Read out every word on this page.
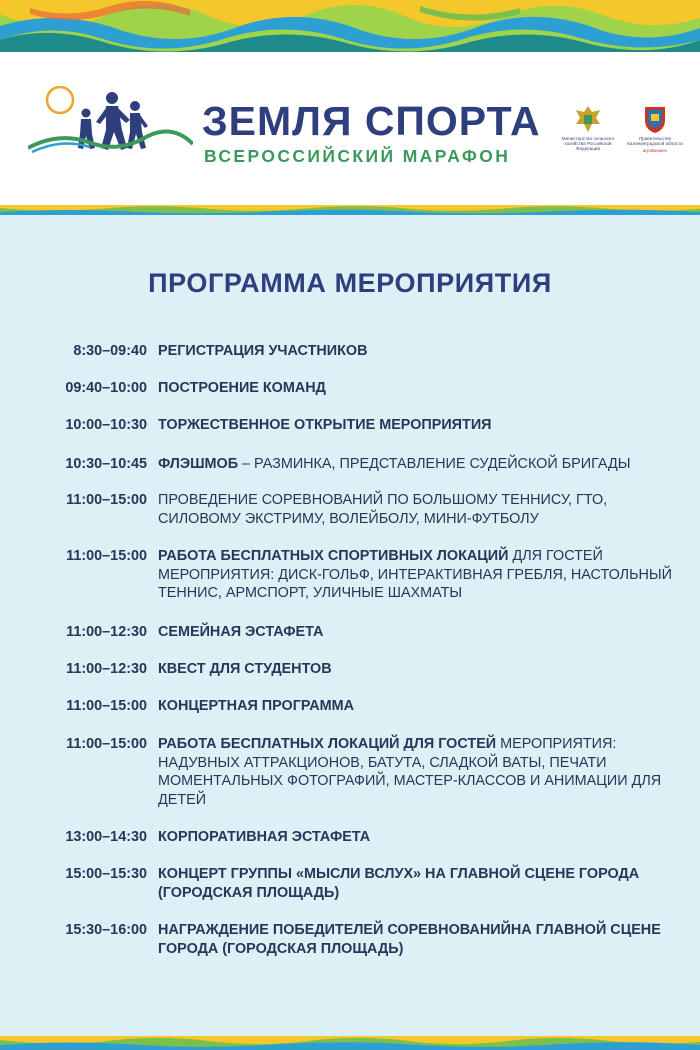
ЗЕМЛЯ СПОРТА
ВСЕРОССИЙСКИЙ МАРАФОН
Министерство сельского хозяйства Российской Федерации
Правительство Калининградской области
агроБизнес
ПРОГРАММА МЕРОПРИЯТИЯ
8:30–09:40 РЕГИСТРАЦИЯ УЧАСТНИКОВ
09:40–10:00 ПОСТРОЕНИЕ КОМАНД
10:00–10:30 ТОРЖЕСТВЕННОЕ ОТКРЫТИЕ МЕРОПРИЯТИЯ
10:30–10:45 ФЛЭШМОБ – РАЗМИНКА, ПРЕДСТАВЛЕНИЕ СУДЕЙСКОЙ БРИГАДЫ
11:00–15:00 ПРОВЕДЕНИЕ СОРЕВНОВАНИЙ ПО БОЛЬШОМУ ТЕННИСУ, ГТО, СИЛОВОМУ ЭКСТРИМУ, ВОЛЕЙБОЛУ, МИНИ-ФУТБОЛУ
11:00–15:00 РАБОТА БЕСПЛАТНЫХ СПОРТИВНЫХ ЛОКАЦИЙ ДЛЯ ГОСТЕЙ МЕРОПРИЯТИЯ: ДИСК-ГОЛЬФ, ИНТЕРАКТИВНАЯ ГРЕБЛЯ, НАСТОЛЬНЫЙ ТЕННИС, АРМСПОРТ, УЛИЧНЫЕ ШАХМАТЫ
11:00–12:30 СЕМЕЙНАЯ ЭСТАФЕТА
11:00–12:30 КВЕСТ ДЛЯ СТУДЕНТОВ
11:00–15:00 КОНЦЕРТНАЯ ПРОГРАММА
11:00–15:00 РАБОТА БЕСПЛАТНЫХ ЛОКАЦИЙ ДЛЯ ГОСТЕЙ МЕРОПРИЯТИЯ: НАДУВНЫХ АТТРАКЦИОНОВ, БАТУТА, СЛАДКОЙ ВАТЫ, ПЕЧАТИ МОМЕНТАЛЬНЫХ ФОТОГРАФИЙ, МАСТЕР-КЛАССОВ И АНИМАЦИИ ДЛЯ ДЕТЕЙ
13:00–14:30 КОРПОРАТИВНАЯ ЭСТАФЕТА
15:00–15:30 КОНЦЕРТ ГРУППЫ «МЫСЛИ ВСЛУХ» НА ГЛАВНОЙ СЦЕНЕ ГОРОДА (ГОРОДСКАЯ ПЛОЩАДЬ)
15:30–16:00 НАГРАЖДЕНИЕ ПОБЕДИТЕЛЕЙ СОРЕВНОВАНИЙНА ГЛАВНОЙ СЦЕНЕ ГОРОДА (ГОРОДСКАЯ ПЛОЩАДЬ)
